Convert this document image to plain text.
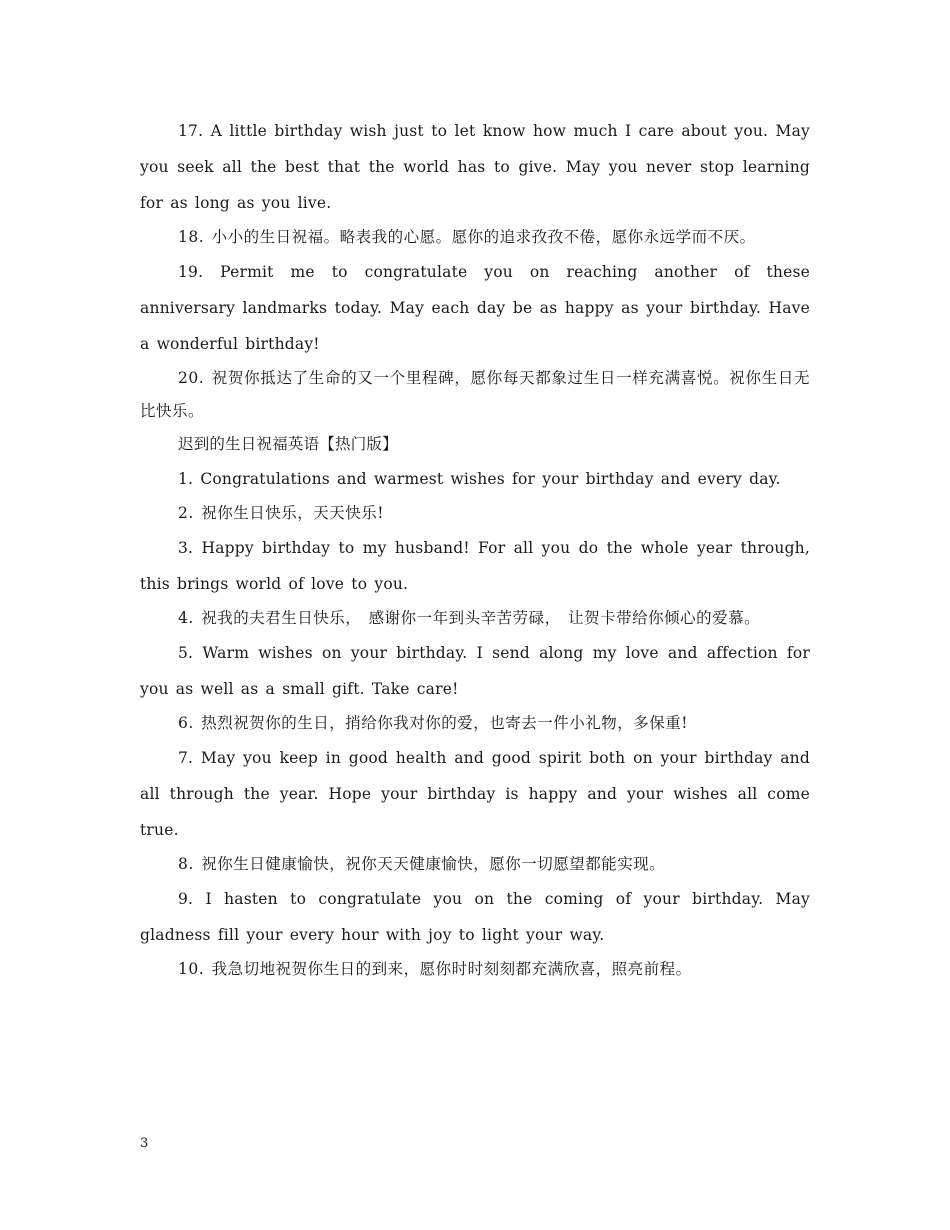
17. A little birthday wish just to let know how much I care about you. May you seek all the best that the world has to give. May you never stop learning for as long as you live.

18. 小小的生日祝福。略表我的心愿。愿你的追求孜孜不倦，愿你永远学而不厌。

19. Permit me to congratulate you on reaching another of these anniversary landmarks today. May each day be as happy as your birthday. Have a wonderful birthday!

20. 祝贺你抵达了生命的又一个里程碑，愿你每天都象过生日一样充满喜悦。祝你生日无比快乐。

迟到的生日祝福英语【热门版】

1. Congratulations and warmest wishes for your birthday and every day.

2. 祝你生日快乐，天天快乐!

3. Happy birthday to my husband! For all you do the whole year through, this brings world of love to you.

4. 祝我的夫君生日快乐， 感谢你一年到头辛苦劳碌， 让贺卡带给你倾心的爱慕。

5. Warm wishes on your birthday. I send along my love and affection for you as well as a small gift. Take care!

6. 热烈祝贺你的生日，捎给你我对你的爱，也寄去一件小礼物，多保重!

7. May you keep in good health and good spirit both on your birthday and all through the year. Hope your birthday is happy and your wishes all come true.

8. 祝你生日健康愉快，祝你天天健康愉快，愿你一切愿望都能实现。

9. I hasten to congratulate you on the coming of your birthday. May gladness fill your every hour with joy to light your way.

10. 我急切地祝贺你生日的到来，愿你时时刻刻都充满欣喜，照亮前程。

3
